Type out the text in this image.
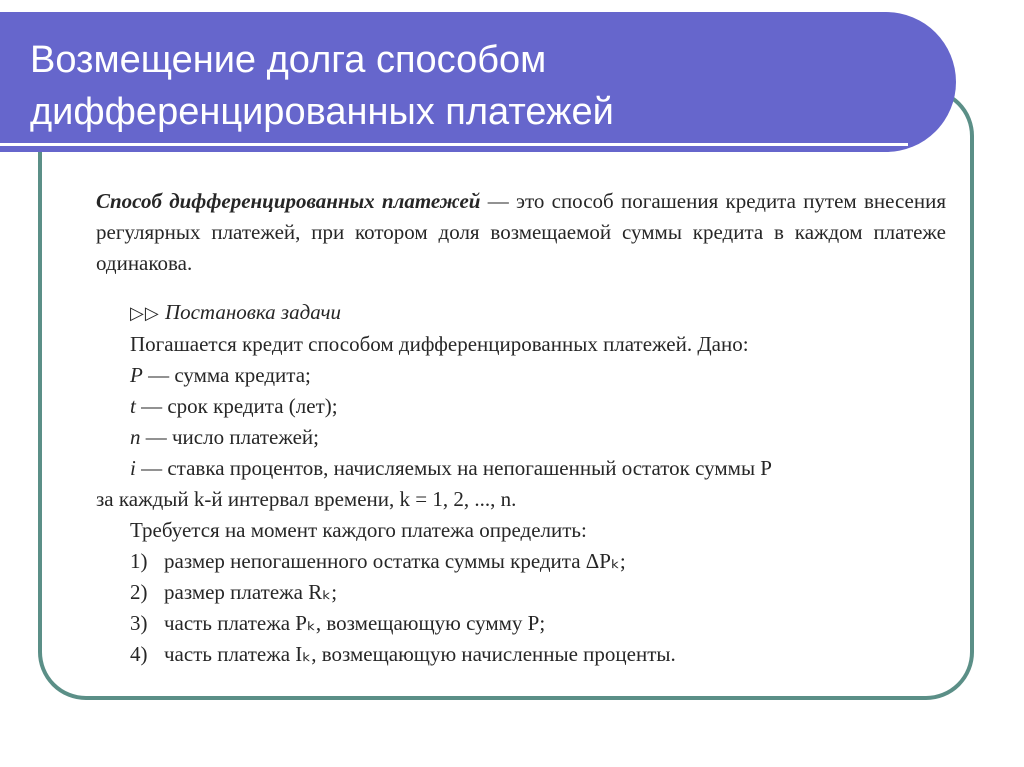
Возмещение долга способом
дифференцированных платежей

Способ дифференцированных платежей — это способ погашения кредита путем внесения регулярных платежей, при котором доля возмещаемой суммы кредита в каждом платеже одинакова.

▷▷ Постановка задачи

Погашается кредит способом дифференцированных платежей. Дано:

P — сумма кредита;

t — срок кредита (лет);

n — число платежей;

i — ставка процентов, начисляемых на непогашенный остаток суммы P

за каждый k-й интервал времени, k = 1, 2, ..., n.

Требуется на момент каждого платежа определить:

1) размер непогашенного остатка суммы кредита ΔPₖ;

2) размер платежа Rₖ;

3) часть платежа Pₖ, возмещающую сумму P;

4) часть платежа Iₖ, возмещающую начисленные проценты.
